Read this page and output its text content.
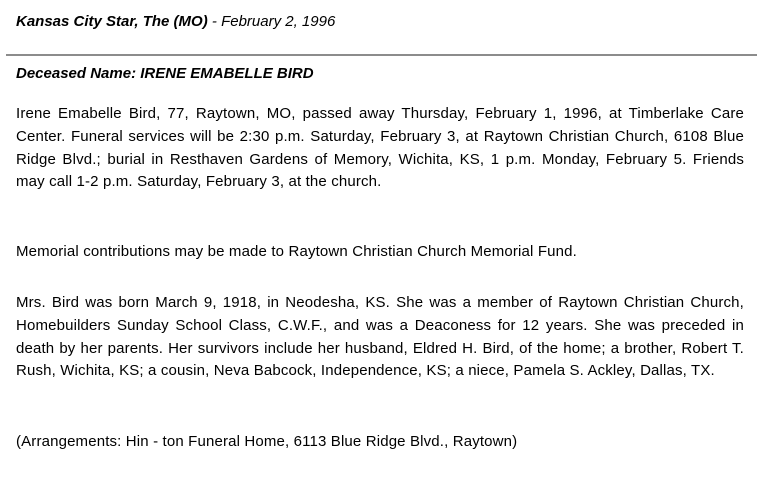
Kansas City Star, The (MO) - February 2, 1996
Deceased Name: IRENE EMABELLE BIRD

Irene Emabelle Bird, 77, Raytown, MO, passed away Thursday, February 1, 1996, at Timberlake Care Center. Funeral services will be 2:30 p.m. Saturday, February 3, at Raytown Christian Church, 6108 Blue Ridge Blvd.; burial in Resthaven Gardens of Memory, Wichita, KS, 1 p.m. Monday, February 5. Friends may call 1-2 p.m. Saturday, February 3, at the church.

Memorial contributions may be made to Raytown Christian Church Memorial Fund.

Mrs. Bird was born March 9, 1918, in Neodesha, KS. She was a member of Raytown Christian Church, Homebuilders Sunday School Class, C.W.F., and was a Deaconess for 12 years. She was preceded in death by her parents. Her survivors include her husband, Eldred H. Bird, of the home; a brother, Robert T. Rush, Wichita, KS; a cousin, Neva Babcock, Independence, KS; a niece, Pamela S. Ackley, Dallas, TX.

(Arrangements: Hin - ton Funeral Home, 6113 Blue Ridge Blvd., Raytown)
